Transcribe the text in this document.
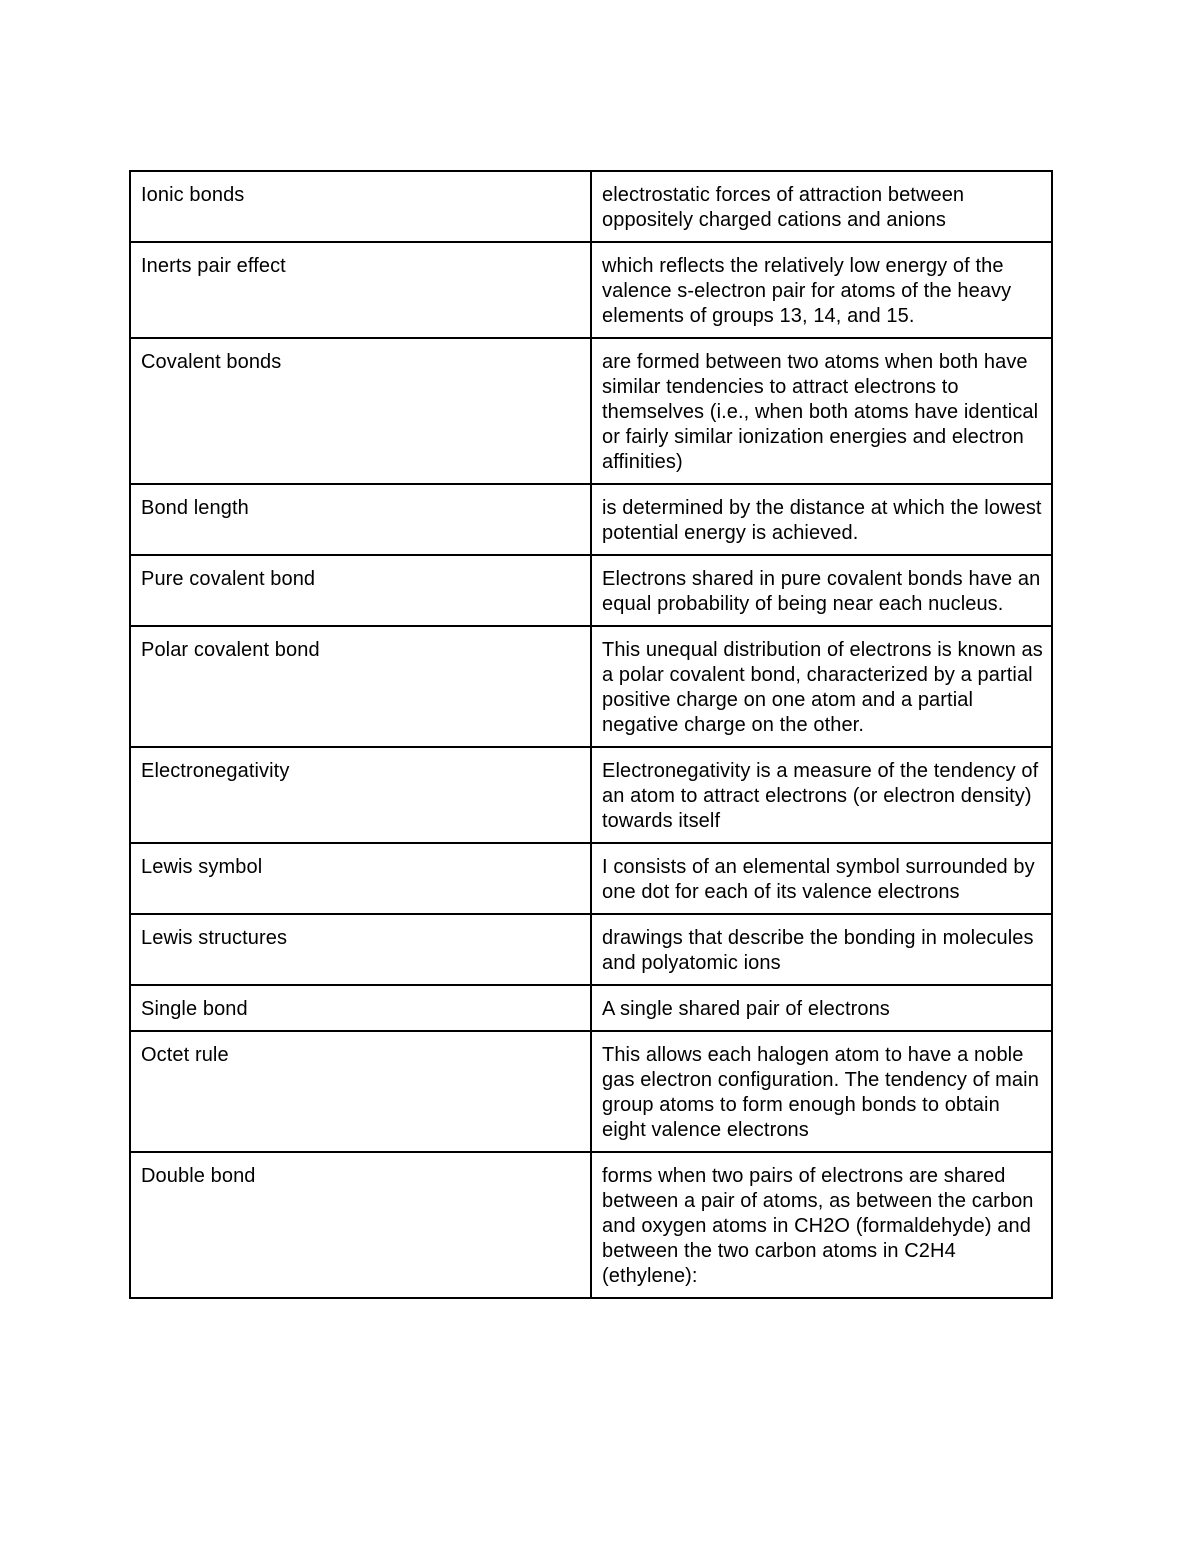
Ionic bonds	electrostatic forces of attraction between oppositely charged cations and anions
Inerts pair effect	which reflects the relatively low energy of the valence s-electron pair for atoms of the heavy elements of groups 13, 14, and 15.
Covalent bonds	are formed between two atoms when both have similar tendencies to attract electrons to themselves (i.e., when both atoms have identical or fairly similar ionization energies and electron affinities)
Bond length	is determined by the distance at which the lowest potential energy is achieved.
Pure covalent bond	Electrons shared in pure covalent bonds have an equal probability of being near each nucleus.
Polar covalent bond	This unequal distribution of electrons is known as a polar covalent bond, characterized by a partial positive charge on one atom and a partial negative charge on the other.
Electronegativity	Electronegativity is a measure of the tendency of an atom to attract electrons (or electron density) towards itself
Lewis symbol	I consists of an elemental symbol surrounded by one dot for each of its valence electrons
Lewis structures	drawings that describe the bonding in molecules and polyatomic ions
Single bond	A single shared pair of electrons
Octet rule	This allows each halogen atom to have a noble gas electron configuration. The tendency of main group atoms to form enough bonds to obtain eight valence electrons
Double bond	forms when two pairs of electrons are shared between a pair of atoms, as between the carbon and oxygen atoms in CH2O (formaldehyde) and between the two carbon atoms in C2H4 (ethylene):
